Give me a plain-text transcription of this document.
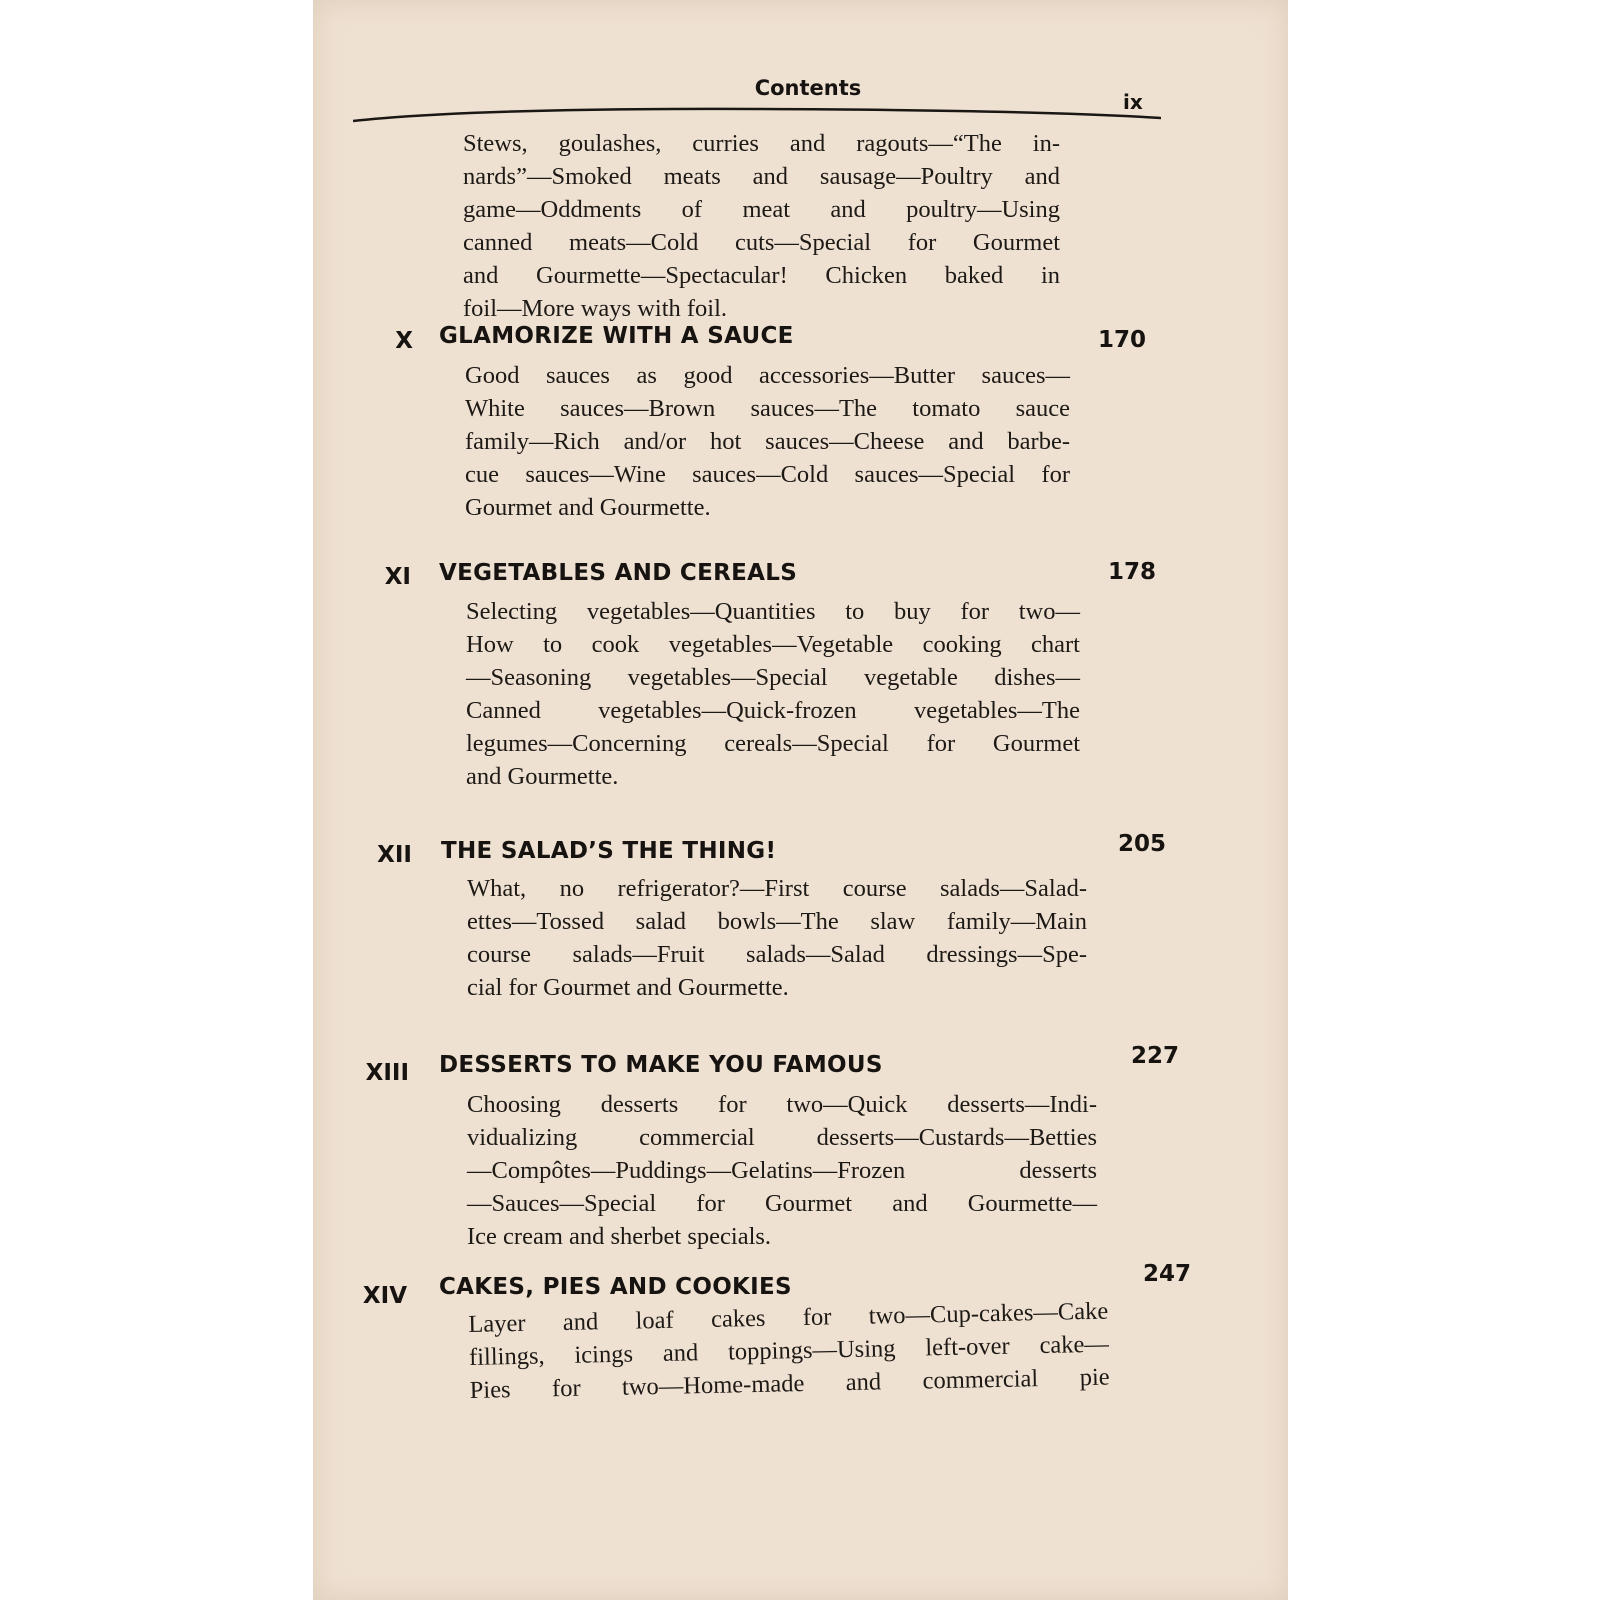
Contents
ix
Stews, goulashes, curries and ragouts—“The in-
nards”—Smoked meats and sausage—Poultry and
game—Oddments of meat and poultry—Using
canned meats—Cold cuts—Special for Gourmet
and Gourmette—Spectacular! Chicken baked in
foil—More ways with foil.
X GLAMORIZE WITH A SAUCE	170
Good sauces as good accessories—Butter sauces—
White sauces—Brown sauces—The tomato sauce
family—Rich and/or hot sauces—Cheese and barbe-
cue sauces—Wine sauces—Cold sauces—Special for
Gourmet and Gourmette.
XI VEGETABLES AND CEREALS	178
Selecting vegetables—Quantities to buy for two—
How to cook vegetables—Vegetable cooking chart
—Seasoning vegetables—Special vegetable dishes—
Canned vegetables—Quick-frozen vegetables—The
legumes—Concerning cereals—Special for Gourmet
and Gourmette.
XII THE SALAD’S THE THING!	205
What, no refrigerator?—First course salads—Salad-
ettes—Tossed salad bowls—The slaw family—Main
course salads—Fruit salads—Salad dressings—Spe-
cial for Gourmet and Gourmette.
XIII DESSERTS TO MAKE YOU FAMOUS	227
Choosing desserts for two—Quick desserts—Indi-
vidualizing commercial desserts—Custards—Betties
—Compôtes—Puddings—Gelatins—Frozen desserts
—Sauces—Special for Gourmet and Gourmette—
Ice cream and sherbet specials.
XIV CAKES, PIES AND COOKIES	247
Layer and loaf cakes for two—Cup-cakes—Cake
fillings, icings and toppings—Using left-over cake—
Pies for two—Home-made and commercial pie
